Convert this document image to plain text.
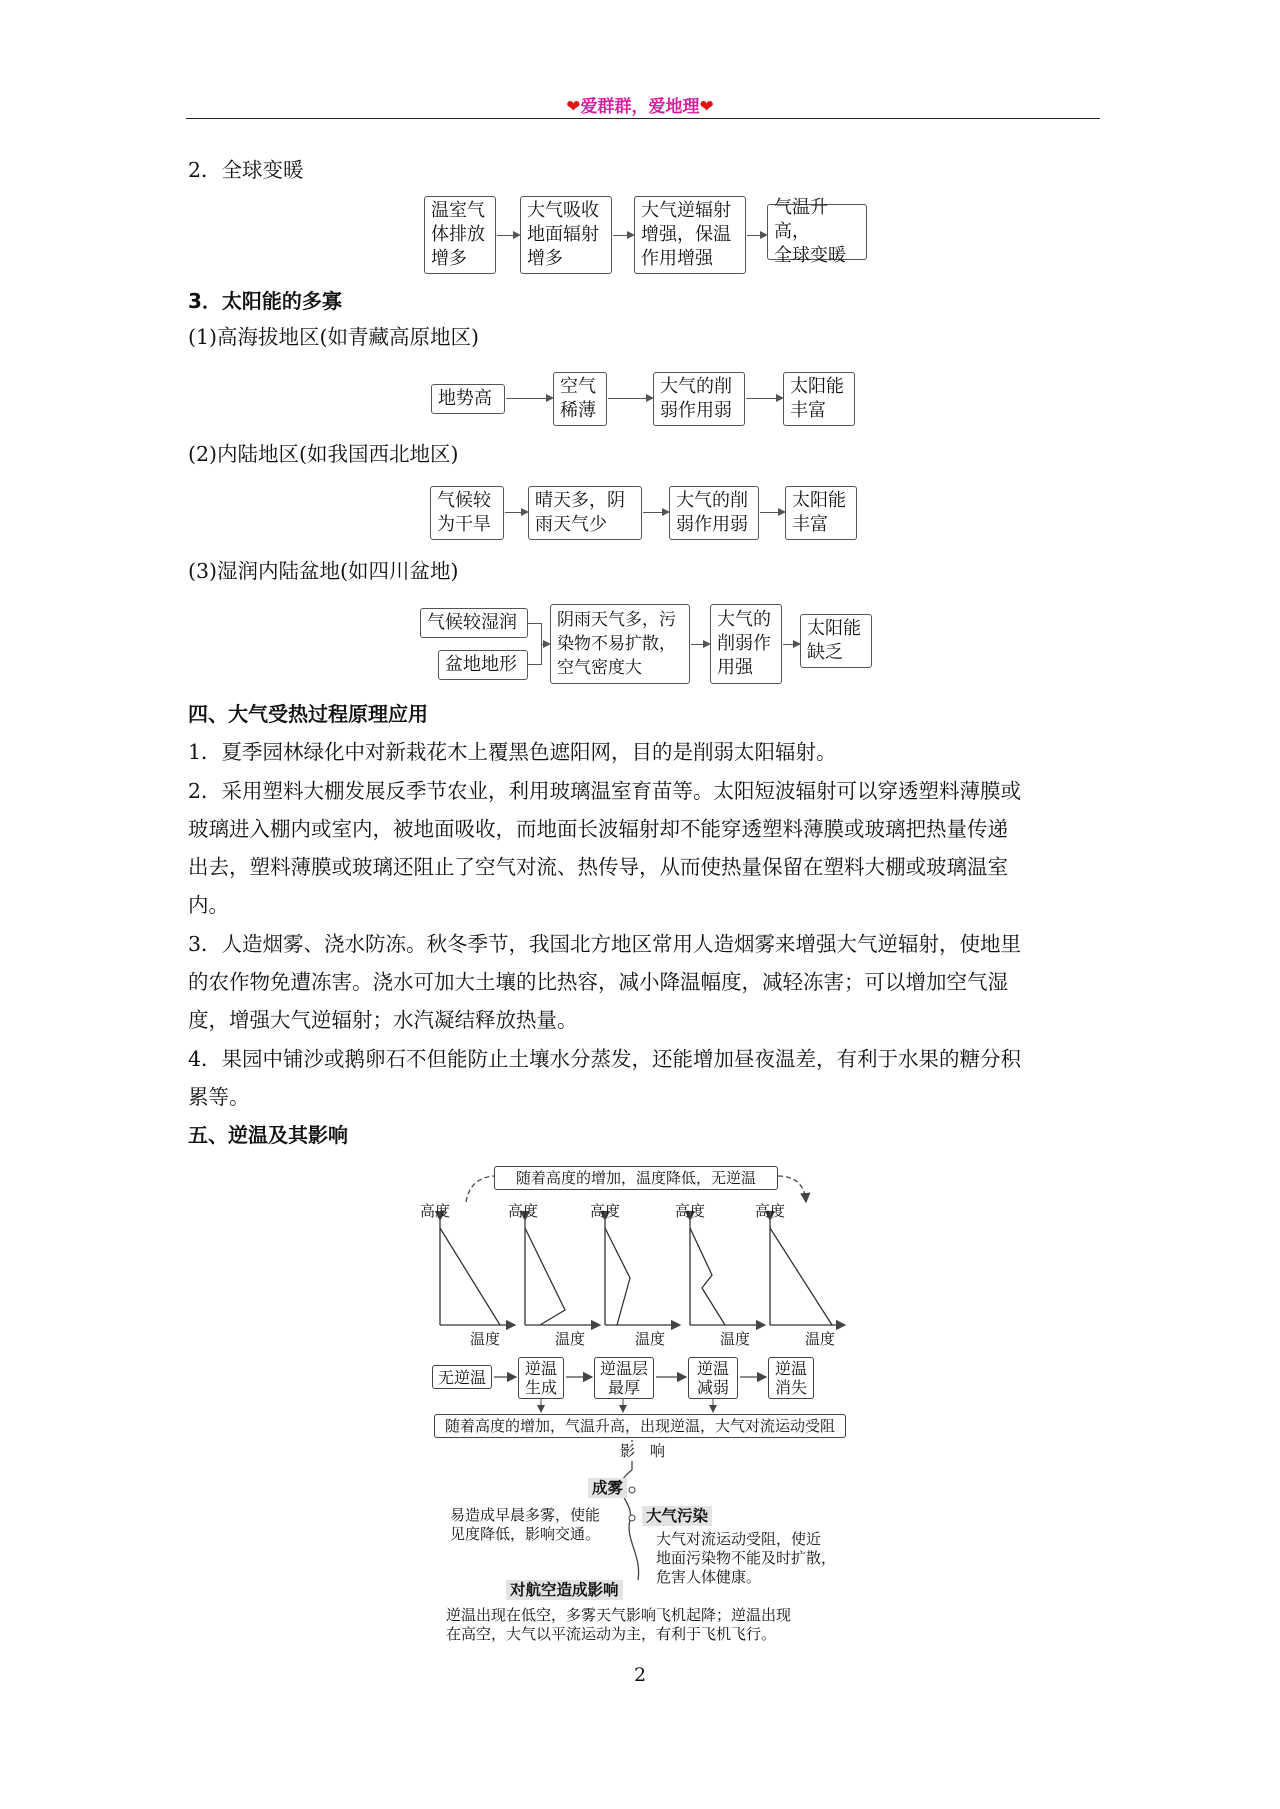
❤爱群群，爱地理❤
2．全球变暖
温室气
体排放
增多
大气吸收
地面辐射
增多
大气逆辐射
增强，保温
作用增强
气温升高，
全球变暖
3．太阳能的多寡
(1)高海拔地区(如青藏高原地区)
地势高
空气
稀薄
大气的削
弱作用弱
太阳能
丰富
(2)内陆地区(如我国西北地区)
气候较
为干旱
晴天多，阴
雨天气少
大气的削
弱作用弱
太阳能
丰富
(3)湿润内陆盆地(如四川盆地)
气候较湿润
盆地地形
阴雨天气多，污
染物不易扩散，
空气密度大
大气的
削弱作
用强
太阳能
缺乏
四、大气受热过程原理应用
1．夏季园林绿化中对新栽花木上覆黑色遮阳网，目的是削弱太阳辐射。
2．采用塑料大棚发展反季节农业，利用玻璃温室育苗等。太阳短波辐射可以穿透塑料薄膜或
玻璃进入棚内或室内，被地面吸收，而地面长波辐射却不能穿透塑料薄膜或玻璃把热量传递
出去，塑料薄膜或玻璃还阻止了空气对流、热传导，从而使热量保留在塑料大棚或玻璃温室
内。
3．人造烟雾、浇水防冻。秋冬季节，我国北方地区常用人造烟雾来增强大气逆辐射，使地里
的农作物免遭冻害。浇水可加大土壤的比热容，减小降温幅度，减轻冻害；可以增加空气湿
度，增强大气逆辐射；水汽凝结释放热量。
4．果园中铺沙或鹅卵石不但能防止土壤水分蒸发，还能增加昼夜温差，有利于水果的糖分积
累等。
五、逆温及其影响
高度	高度	高度	高度	高度
温度	温度	温度	温度	温度
随着高度的增加，温度降低，无逆温
无逆温	逆温
生成
逆温层
最厚
逆温
减弱
逆温
消失
随着高度的增加，气温升高，出现逆温，大气对流运动受阻
影　响
成雾
易造成早晨多雾，使能
见度降低，影响交通。
大气污染
大气对流运动受阻，使近
地面污染物不能及时扩散，
危害人体健康。
对航空造成影响
逆温出现在低空，多雾天气影响飞机起降；逆温出现
在高空，大气以平流运动为主，有利于飞机飞行。
2
